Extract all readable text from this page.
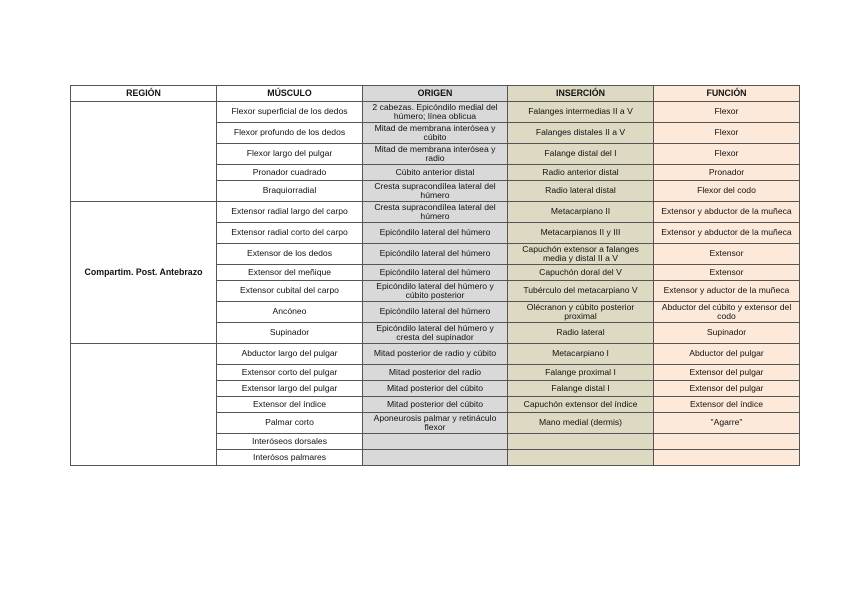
REGIÓN	MÚSCULO	ORIGEN	INSERCIÓN	FUNCIÓN
	Flexor superficial de los dedos	2 cabezas. Epicóndilo medial del húmero; línea oblicua	Falanges intermedias II a V	Flexor
	Flexor profundo de los dedos	Mitad de membrana interósea y cúbito	Falanges distales II a V	Flexor
	Flexor largo del pulgar	Mitad de membrana interósea y radio	Falange distal del I	Flexor
	Pronador cuadrado	Cúbito anterior distal	Radio anterior distal	Pronador
	Braquiorradial	Cresta supracondílea lateral del húmero	Radio lateral distal	Flexor del codo
Compartim. Post. Antebrazo	Extensor radial largo del carpo	Cresta supracondílea lateral del húmero	Metacarpiano II	Extensor y abductor de la muñeca
	Extensor radial corto del carpo	Epicóndilo lateral del húmero	Metacarpianos II y III	Extensor y abductor de la muñeca
	Extensor de los dedos	Epicóndilo lateral del húmero	Capuchón extensor a falanges media y distal II a V	Extensor
	Extensor del meñique	Epicóndilo lateral del húmero	Capuchón doral del V	Extensor
	Extensor cubital del carpo	Epicóndilo lateral del húmero y cúbito posterior	Tubérculo del metacarpiano V	Extensor y aductor de la muñeca
	Ancóneo	Epicóndilo lateral del húmero	Olécranon y cúbito posterior proximal	Abductor del cúbito y extensor del codo
	Supinador	Epicóndilo lateral del húmero y cresta del supinador	Radio lateral	Supinador
	Abductor largo del pulgar	Mitad posterior de radio y cúbito	Metacarpiano I	Abductor del pulgar
	Extensor corto del pulgar	Mitad posterior del radio	Falange proximal I	Extensor del pulgar
	Extensor largo del pulgar	Mitad posterior del cúbito	Falange distal I	Extensor del pulgar
	Extensor del índice	Mitad posterior del cúbito	Capuchón extensor del índice	Extensor del índice
	Palmar corto	Aponeurosis palmar y retináculo flexor	Mano medial (dermis)	"Agarre"
	Interóseos dorsales			
	Interósos palmares			
